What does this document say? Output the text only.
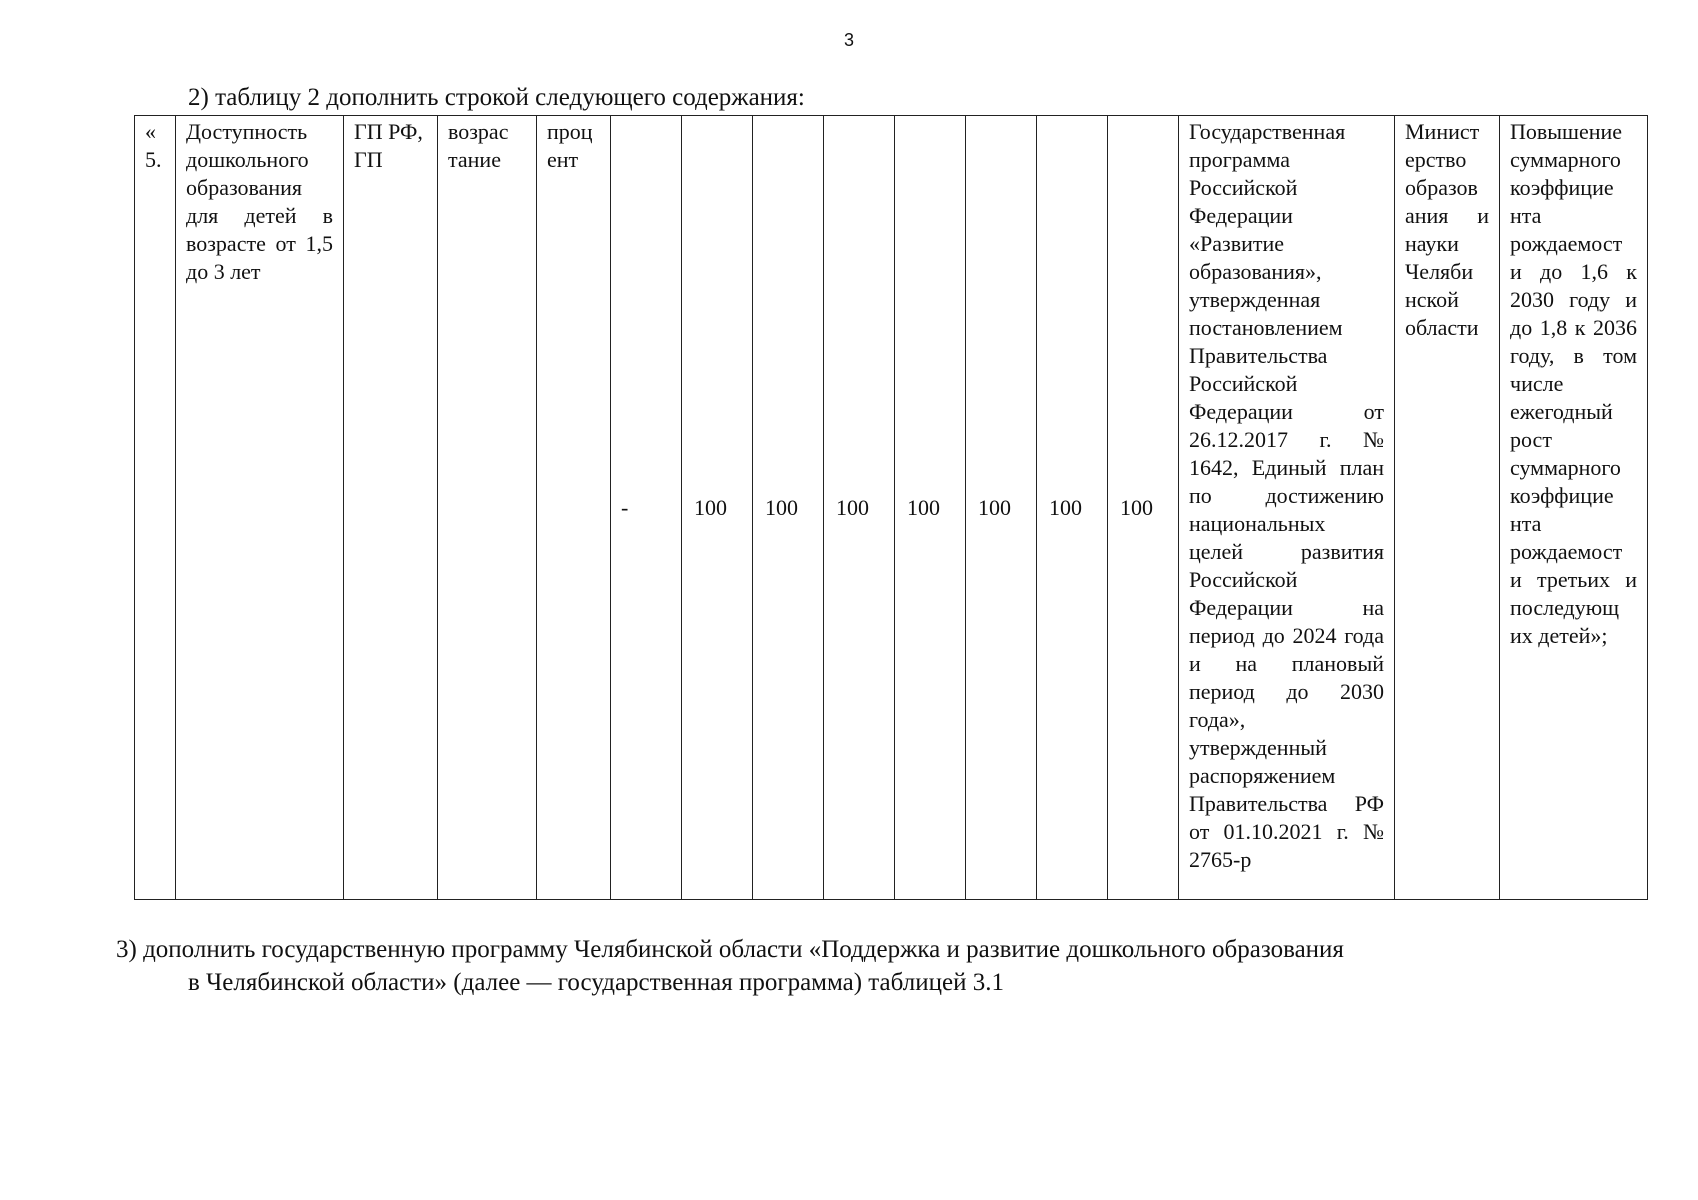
3
2) таблицу 2 дополнить строкой следующего содержания:
« 5.	Доступность дошкольного образования для детей в возрасте от 1,5 до 3 лет	ГП РФ, ГП	возрас тание	проц ент	-	100	100	100	100	100	100	100	Государственная программа Российской Федерации «Развитие образования», утвержденная постановлением Правительства Российской Федерации от 26.12.2017 г. № 1642, Единый план по достижению национальных целей развития Российской Федерации на период до 2024 года и на плановый период до 2030 года», утвержденный распоряжением Правительства РФ от 01.10.2021 г. № 2765-р	Минист ерство образов ания и науки Челяби нской области	Повышение суммарного коэффицие нта рождаемост и до 1,6 к 2030 году и до 1,8 к 2036 году, в том числе ежегодный рост суммарного коэффицие нта рождаемост и третьих и последующ их детей»;
3) дополнить государственную программу Челябинской области «Поддержка и развитие дошкольного образования
в Челябинской области» (далее — государственная программа) таблицей 3.1
